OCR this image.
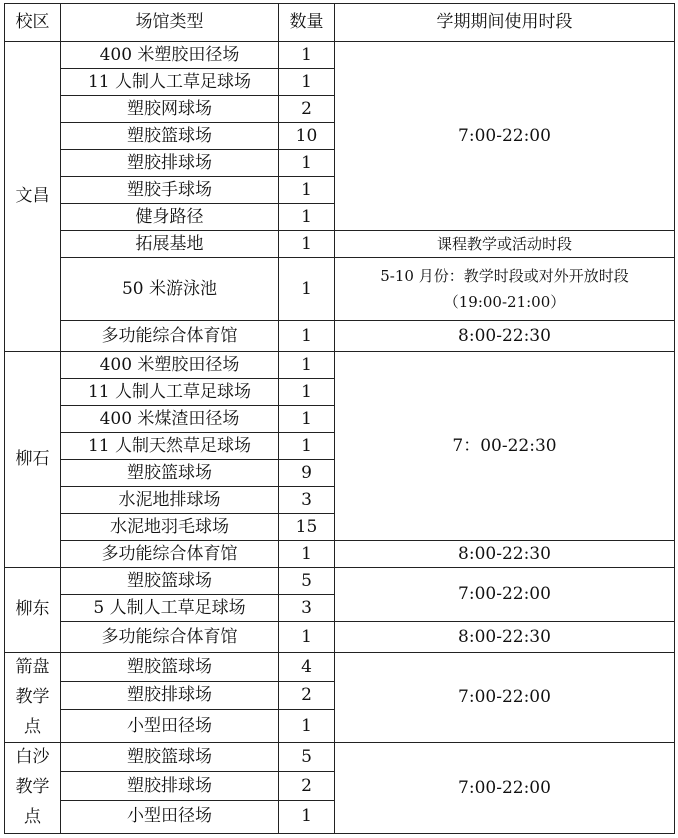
校区	场馆类型	数量	学期期间使用时段
文昌	400 米塑胶田径场	1	7:00-22:00
	11 人制人工草足球场	1	
	塑胶网球场	2	
	塑胶篮球场	10	
	塑胶排球场	1	
	塑胶手球场	1	
	健身路径	1	
	拓展基地	1	课程教学或活动时段
	50 米游泳池	1	5-10 月份：教学时段或对外开放时段
（19:00-21:00）

	多功能综合体育馆	1	8:00-22:30
柳石	400 米塑胶田径场	1	7：00-22:30
	11 人制人工草足球场	1	
	400 米煤渣田径场	1	
	11 人制天然草足球场	1	
	塑胶篮球场	9	
	水泥地排球场	3	
	水泥地羽毛球场	15	
	多功能综合体育馆	1	8:00-22:30
柳东	塑胶篮球场	5	7:00-22:00
	5 人制人工草足球场	3	
	多功能综合体育馆	1	8:00-22:30
箭盘教学点	塑胶篮球场	4	7:00-22:00
	塑胶排球场	2	
	小型田径场	1	
白沙教学点	塑胶篮球场	5	7:00-22:00
	塑胶排球场	2	
	小型田径场	1	
